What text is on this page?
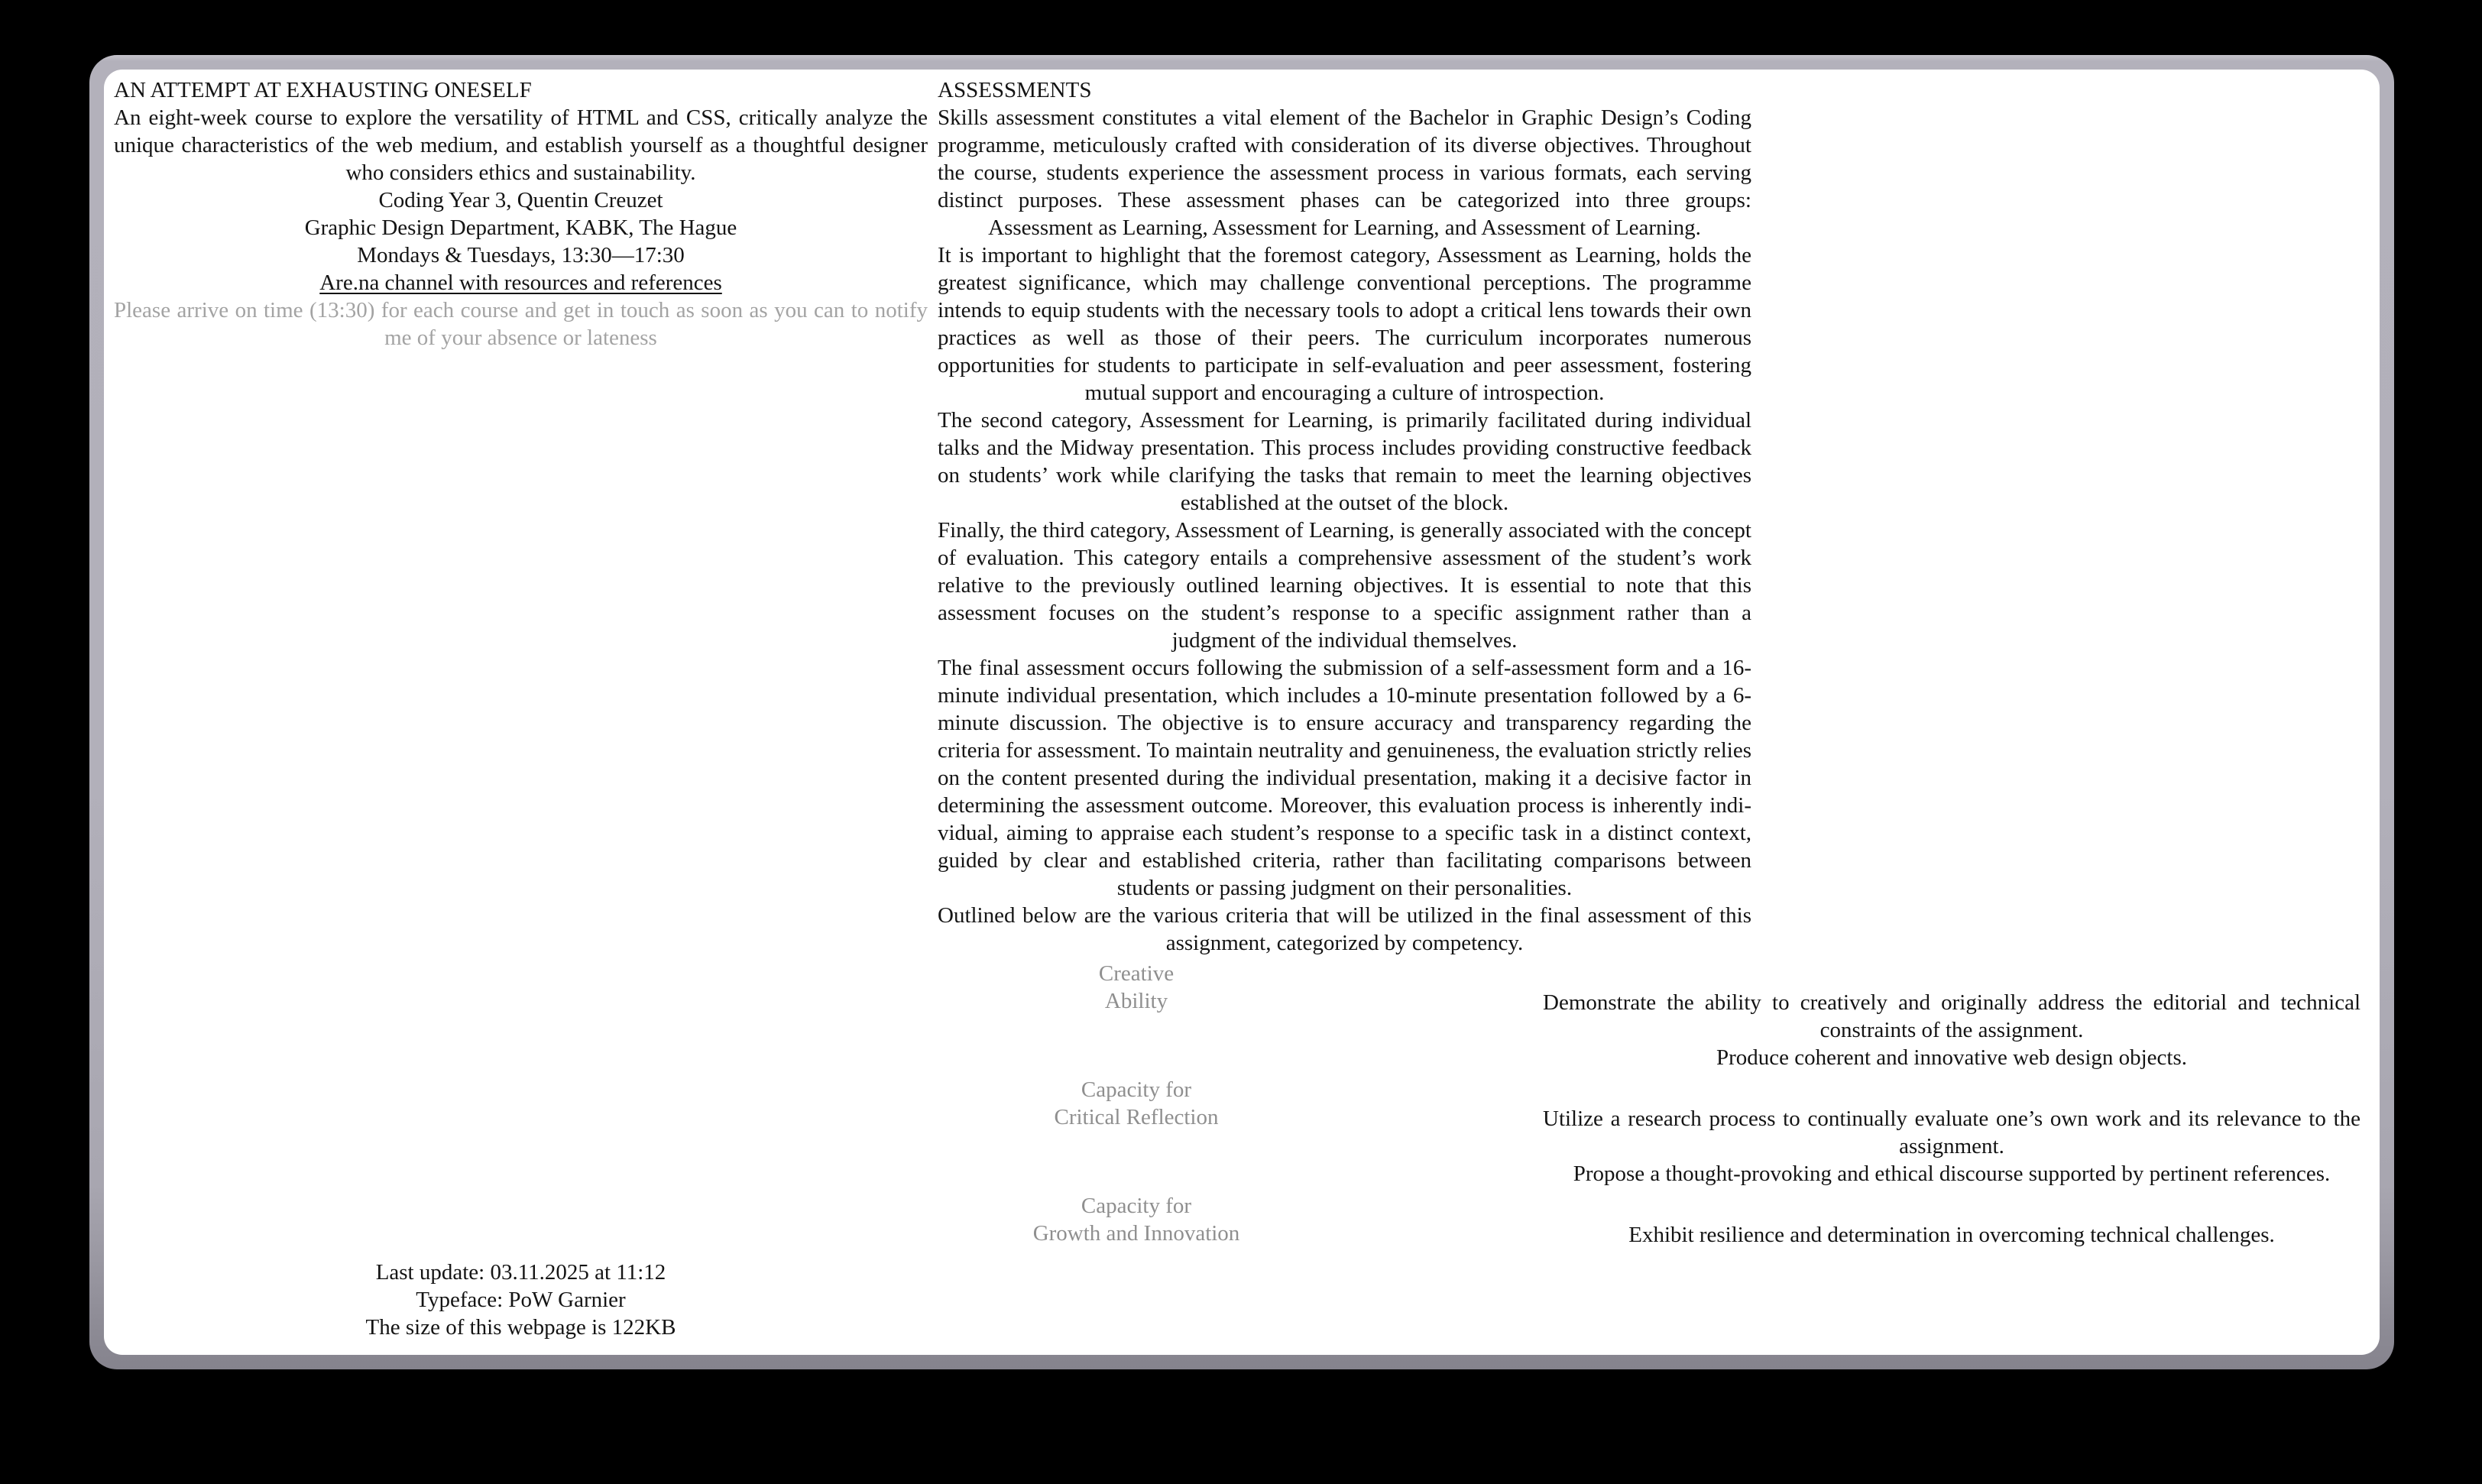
AN ATTEMPT AT EXHAUSTING ONESELF

An eight-week course to explore the versatility of HTML and CSS, critically analyze the unique characteristics of the web medium, and establish yourself as a thoughtful designer who considers ethics and sustainability.

Coding Year 3, Quentin Creuzet
Graphic Design Department, KABK, The Hague
Mondays & Tuesdays, 13:30—17:30
Are.na channel with resources and references

Please arrive on time (13:30) for each course and get in touch as soon as you can to notify me of your absence or lateness

Last update: 03.11.2025 at 11:12
Typeface: PoW Garnier
The size of this webpage is 122KB
ASSESSMENTS

Skills assessment constitutes a vital element of the Bachelor in Graphic Design’s Coding programme, meticulously crafted with consideration of its diverse objectives. Throughout the course, students experience the assessment process in various formats, each serving distinct purposes. These assessment phases can be categorized into three groups: Assessment as Learning, Assessment for Learning, and Assessment of Learning.

It is important to highlight that the foremost category, Assessment as Learning, holds the greatest significance, which may challenge conventional perceptions. The programme intends to equip students with the necessary tools to adopt a critical lens towards their own practices as well as those of their peers. The curriculum incorporates numerous opportunities for students to participate in self-evaluation and peer assessment, fostering mutual support and encouraging a culture of introspection.

The second category, Assessment for Learning, is primarily facilitated during individual talks and the Midway presentation. This process includes providing constructive feedback on students’ work while clarifying the tasks that remain to meet the learning objectives established at the outset of the block.

Finally, the third category, Assessment of Learning, is generally associated with the concept of evaluation. This category entails a comprehensive assessment of the student’s work relative to the previously outlined learning objectives. It is essential to note that this assessment focuses on the student’s response to a specific assignment rather than a judgment of the individual themselves.

The final assessment occurs following the submission of a self-assessment form and a 16-minute individual presentation, which includes a 10-minute presentation followed by a 6-minute discussion. The objective is to ensure accuracy and transparency regarding the criteria for assessment. To maintain neutrality and genuineness, the evaluation strictly relies on the content presented during the individual presentation, making it a decisive factor in determining the assessment outcome. Moreover, this evaluation process is inherently individual, aiming to appraise each student’s response to a specific task in a distinct context, guided by clear and established criteria, rather than facilitating comparisons between students or passing judgment on their personalities.

Outlined below are the various criteria that will be utilized in the final assessment of this assignment, categorized by competency.

Creative
Ability	Demonstrate the ability to creatively and originally address the editorial and technical constraints of the assignment.

Produce coherent and innovative web design objects.

Capacity for
Critical Reflection	Utilize a research process to continually evaluate one’s own work and its relevance to the assignment.

Propose a thought-provoking and ethical discourse supported by pertinent references.

Capacity for
Growth and Innovation	Exhibit resilience and determination in overcoming technical challenges.
